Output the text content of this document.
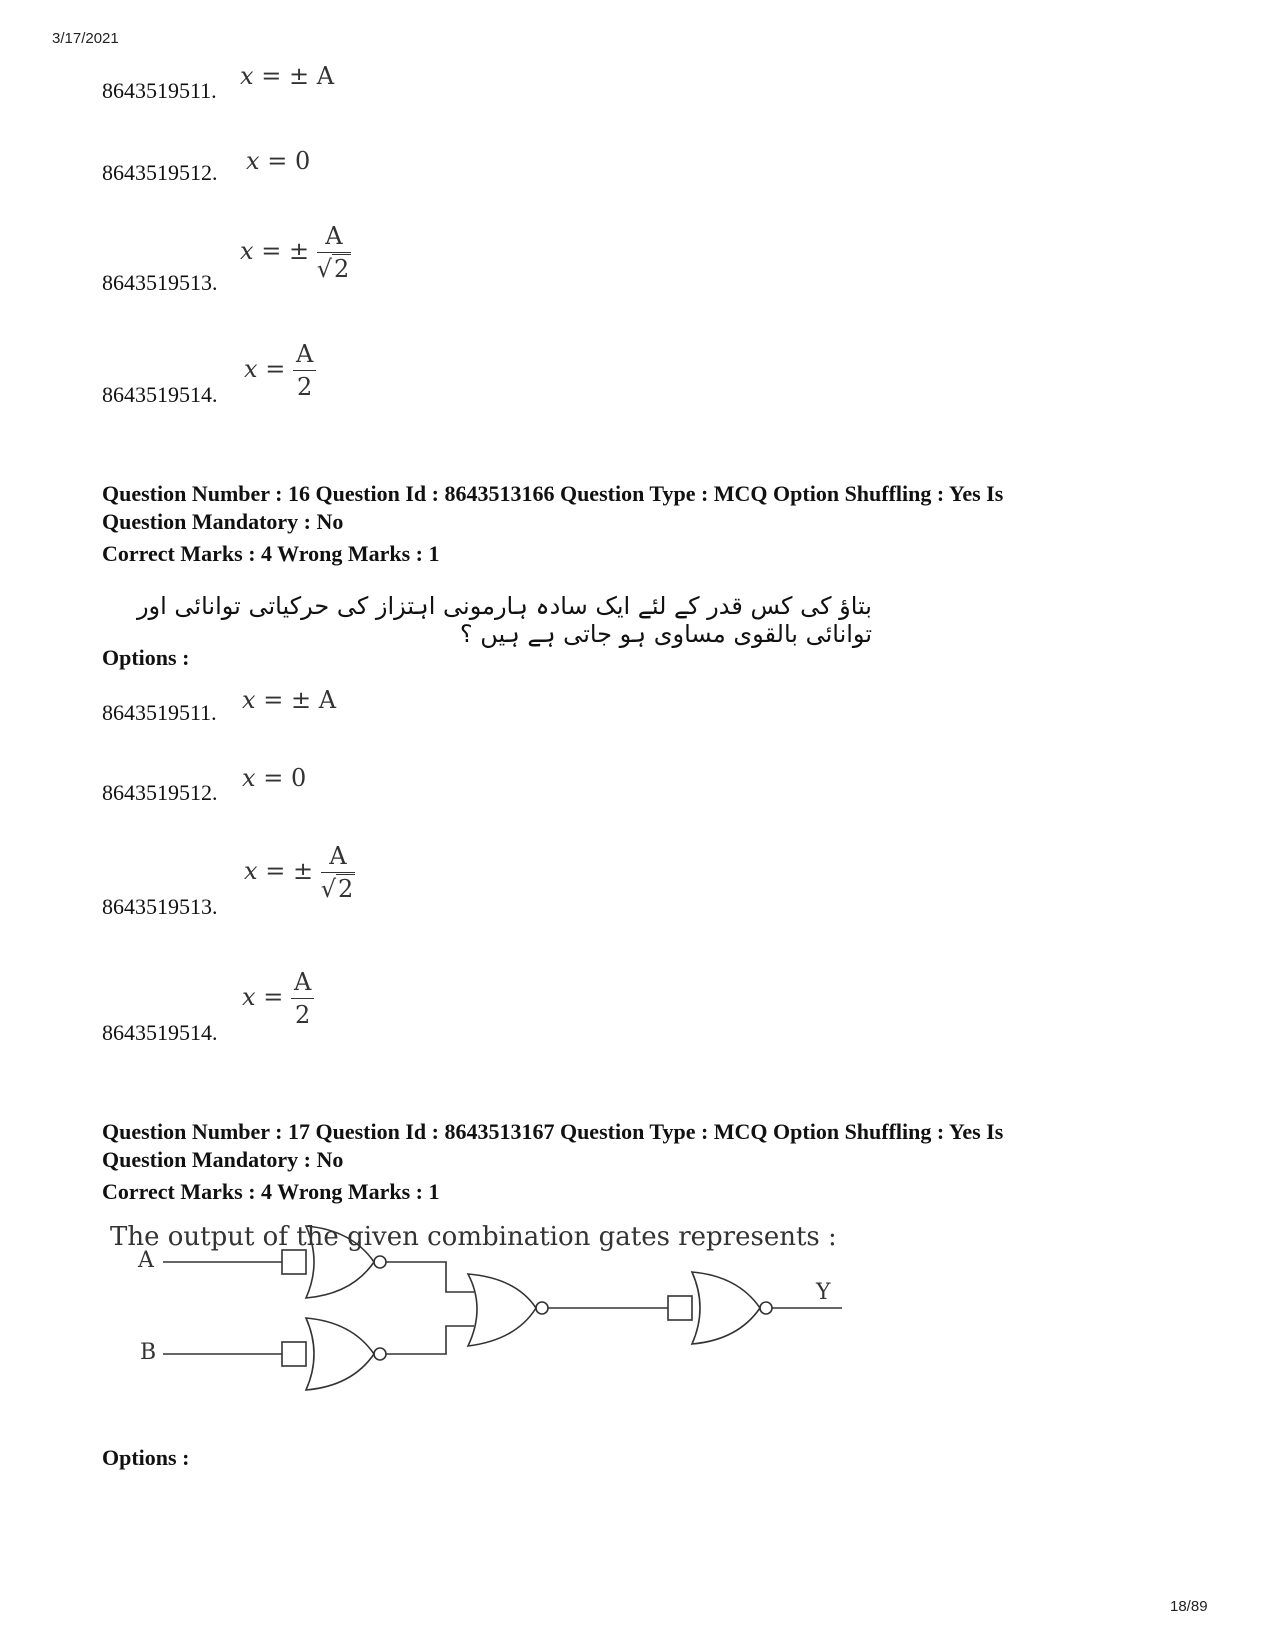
3/17/2021
8643519511.
x = ± A
8643519512. x = 0
8643519513.
x = ± $\frac{A}{√2}$
8643519514.
$x = \frac{A}{2}$
Question Number : 16 Question Id : 8643513166 Question Type : MCQ Option Shuffling : Yes Is
Question Mandatory : No
Correct Marks : 4 Wrong Marks : 1
بتاؤ کی کس قدر کے لئے ایک سادہ ہارمونی اہتزاز کی حرکیاتی توانائی اور توانائی بالقوی مساوی ہو جاتی ہے ہیں ؟
Options :
8643519511. x = ± A
8643519512.
x = 0
8643519513.
x = ± $\frac{A}{√2}$
8643519514.
$x = \frac{A}{2}$
Question Number : 17 Question Id : 8643513167 Question Type : MCQ Option Shuffling : Yes Is
Question Mandatory : No
Correct Marks : 4 Wrong Marks : 1
The output of the given combination gates represents :
A
B
Y
Options :
18/89
